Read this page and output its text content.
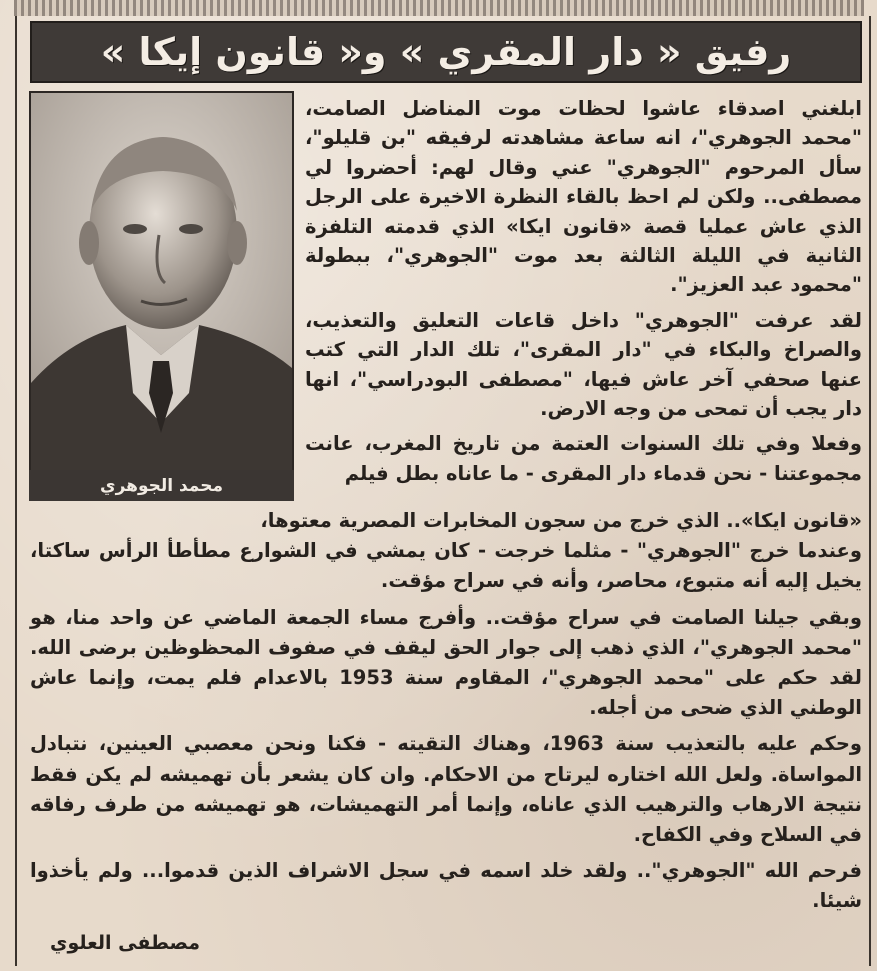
رفيق « دار المقري » و« قانون إيكا »
محمد الجوهري

ابلغني اصدقاء عاشوا لحظات موت المناضل الصامت، "محمد الجوهري"، انه ساعة مشاهدته لرفيقه "بن قليلو"، سأل المرحوم "الجوهري" عني وقال لهم: أحضروا لي مصطفى.. ولكن لم احظ بالقاء النظرة الاخيرة على الرجل الذي عاش عمليا قصة «قانون ايكا» الذي قدمته التلفزة الثانية في الليلة الثالثة بعد موت "الجوهري"، ببطولة "محمود عبد العزيز".

لقد عرفت "الجوهري" داخل قاعات التعليق والتعذيب، والصراخ والبكاء في "دار المقرى"، تلك الدار التي كتب عنها صحفي آخر عاش فيها، "مصطفى البودراسي"، انها دار يجب أن تمحى من وجه الارض.

وفعلا وفي تلك السنوات العتمة من تاريخ المغرب، عانت مجموعتنا - نحن قدماء دار المقرى - ما عاناه بطل فيلم

«قانون ايكا».. الذي خرج من سجون المخابرات المصرية معتوها،

وعندما خرج "الجوهري" - مثلما خرجت - كان يمشي في الشوارع مطأطأ الرأس ساكتا، يخيل إليه أنه متبوع، محاصر، وأنه في سراح مؤقت.

وبقي جيلنا الصامت في سراح مؤقت.. وأفرج مساء الجمعة الماضي عن واحد منا، هو "محمد الجوهري"، الذي ذهب إلى جوار الحق ليقف في صفوف المحظوظين برضى الله. لقد حكم على "محمد الجوهري"، المقاوم سنة 1953 بالاعدام فلم يمت، وإنما عاش الوطني الذي ضحى من أجله.

وحكم عليه بالتعذيب سنة 1963، وهناك التقيته - فكنا ونحن معصبي العينين، نتبادل المواساة. ولعل الله اختاره ليرتاح من الاحكام. وان كان يشعر بأن تهميشه لم يكن فقط نتيجة الارهاب والترهيب الذي عاناه، وإنما أمر التهميشات، هو تهميشه من طرف رفاقه في السلاح وفي الكفاح.

فرحم الله "الجوهري".. ولقد خلد اسمه في سجل الاشراف الذين قدموا... ولم يأخذوا شيئا.

مصطفى العلوي
